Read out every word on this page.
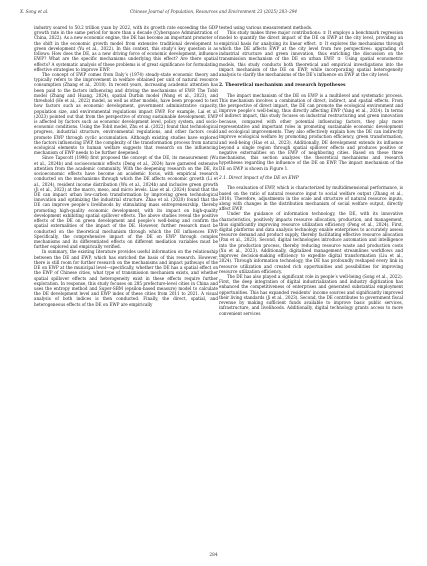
X. Song et al.	Chinese Journal of Population, Resources and Environment 23 (2025) 283–294

industry soared to 50.2 trillion yuan by 2022, with its growth rate exceeding the GDP growth rate in the same period for more than a decade (Cyberspace Administration of China, 2022). As a new economic engine, the DE has become an important promoter of the shift in the economic growth model from extensive traditional development to green development (Yu et al., 2022). In this context, this study’s key question is as follows: How does the DE, as a new driving force of economic development, influence EWP? What are the specific mechanisms underlying this effect? Are there spatial effects? A systematic analysis of these problems is of great significance for formulating effective strategies to improve EWP.

The concept of EWP comes from Daly’s (1974) steady-state economic theory and typically refers to the improvement in welfare obtained per unit of natural resource consumption (Zhang et al., 2018). In recent years, increasing academic attention has been paid to the factors influencing and driving the mechanisms of EWP. The Tobit model (Zhang and Huang, 2024), spatial Durbin model (Wang et al., 2023), and threshold (He et al., 2022) model, as well as other models, have been proposed to test how factors such as economic development, government administrative capacity, population size, and environmental regulations impact EWP. For example, Lai et al. (2023) pointed out that from the perspective of strong sustainable development, EWP is affected by factors such as economic development level, policy system, and socio-economic conditions. Using the Tobit model, Zhu et al. (2022) found that technological progress, industrial structure, environmental regulations, and other factors could promote EWP through cyclic accumulation. Although existing studies have explored the factors influencing EWP, the complexity of the transformation process from natural ecological elements to human welfare suggests that research on the influencing mechanism of EWP needs to be further deepened.

Since Tapscott (1996) first proposed the concept of the DE, its measurement (Wu et al., 2024b) and socioeconomic effects (Deng et al., 2024) have garnered extensive attention from the academic community. With the deepening research on the DE, its socioeconomic effects have become an academic focus, with empirical research conducted on the mechanisms through which the DE affects economic growth (Li et al., 2024), resident income distribution (Wu et al., 2024b) and inclusive green growth (Ji et al., 2023) at the macro, meso, and micro levels. Liao et al. (2024) found that the DE can impact urban low-carbon transformation by improving green technological innovation and optimizing the industrial structure. Zhao et al. (2020) found that the DE can improve people’s livelihoods by stimulating mass entrepreneurship, thereby promoting high-quality economic development, with its impact on high-quality development exhibiting spatial spillover effects. The above studies reveal the positive effects of the DE on green development and people’s well-being and confirm the spatial externalities of the impact of the DE. However, further research must be conducted on the theoretical mechanism through which the DE influences EWP. Specifically, the comprehensive impact of the DE on EWP through complex mechanisms and its differentiated effects on different mediation variables must be further explored and empirically verified.

In summary, the existing literature provides useful information on the relationship between the DE and EWP, which has enriched the basis of this research. However, there is still room for further research on the mechanisms and impact pathways of the DE on EWP at the municipal level—specifically, whether the DE has a spatial effect on the EWP of Chinese cities, what type of transmission mechanism exists, and whether spatial spillover effects and heterogeneity exist in these effects require further exploration. In response, this study focuses on 285 prefecture-level cities in China and uses the entropy method and Super-SBM (epsilon-based measure) model to calculate the DE development level and EWP index of these cities from 2011 to 2021. A visual analysis of both indices is then conducted. Finally, the direct, spatial, and heterogeneous effects of the DE on EWP are empirically

tested using various measurement methods.

This study makes three major contributions: ① It employs a benchmark regression model to quantify the direct impact of the DE on EWP at the city level, providing an empirical basis for analyzing its linear effect. ② It explores the mechanisms through which the DE affects EWP at the city level from two perspectives: upgrading of industrial structure and green innovation, thus enriching the discussion on the transmission mechanism of the DE on urban EWP. ③ Using spatial econometric models, this study conducts both theoretical and empirical investigations into the impact mechanism of the DE on EWP, while incorporating spatial heterogeneity analysis to clarify the mechanisms of the DE’s influence on EWP at the city level.

2. Theoretical mechanism and research hypotheses

The impact mechanism of the DE on EWP is a multilevel and systematic process. This mechanism involves a combination of direct, indirect, and spatial effects. From the perspective of direct impact, the DE can promote the ecological environment and improve people’s well-being, thus directly affecting EWP (Yang et al., 2024). In terms of indirect impact, this study focuses on industrial restructuring and green innovation because, compared with other potential influencing factors, they play more representative and important roles in promoting sustainable economic development and ecological improvements. They also effectively explain how the DE can indirectly improve ecological welfare by promoting production efficiency, green transformation, and well-being (Hao et al., 2023). Additionally, DE development extends its influence beyond a single region through spatial spillover effects and produces positive or negative externalities on the EWP of neighboring cities. Based on these three mechanisms, this section analyzes the theoretical mechanisms and research hypotheses regarding the influence of the DE on EWP. The impact mechanism of the DE on EWP is shown in Figure 1.

2.1. Direct impact of the DE on EWP

The evaluation of EWP, which is characterized by multidimensional performance, is based on the ratio of natural resource input to social welfare output (Zhang et al., 2018). Therefore, adjustments in the scale and structure of natural resource inputs, along with changes in the distribution mechanism of social welfare output, directly affect EWP.

Under the guidance of information technology, the DE, with its innovative characteristics, positively impacts resource allocation, production, and management, thus significantly improving resource utilization efficiency (Peng et al., 2024). First, digital platforms and data analysis technology enable enterprises to accurately assess resource demand and product supply, thereby facilitating effective resource allocation (Pan et al., 2023). Second, digital technologies introduce automation and intelligence into the production process, thereby reducing resource waste and production costs (Xu et al., 2023). Additionally, digitalized management streamlines workflows and improves decision-making efficiency to expedite digital transformation (Liu et al., 2024). Through information technology, the DE has profoundly reshaped every link in resource utilization and created rich opportunities and possibilities for improving resource utilization efficiency.

The DE has also played a significant role in people’s well-being (Song et al., 2022). First, the deep integration of digital industrialization and industry digitization has enhanced the competitiveness of enterprises and generated substantial employment opportunities. This has expanded residents’ income sources and significantly improved their living standards (Ji et al., 2023). Second, the DE contributes to government fiscal revenue by making sufficient funds available to improve basic public services, infrastructure, and livelihoods. Additionally, digital technology grants access to more convenient services

284
